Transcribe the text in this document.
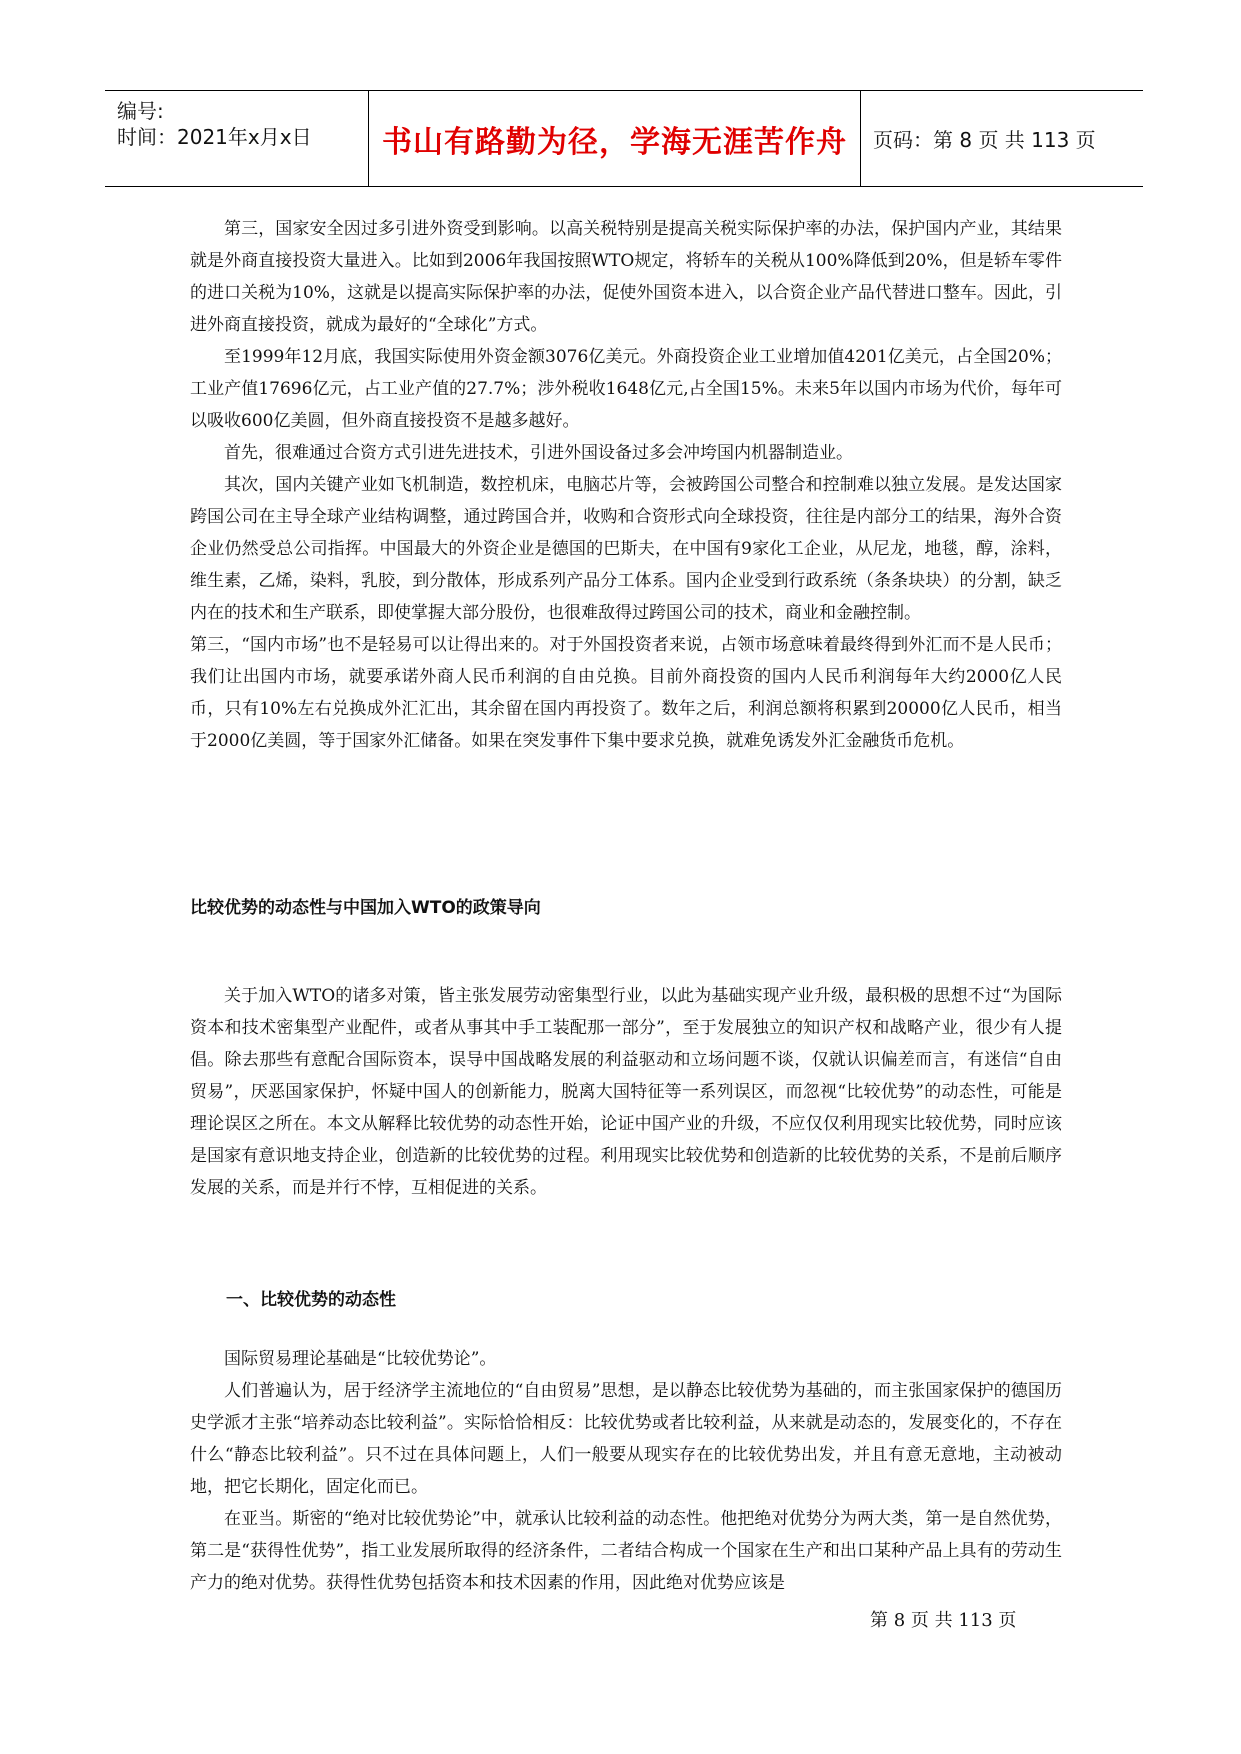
编号:
时间：2021年x月x日	书山有路勤为径，学海无涯苦作舟	页码：第 8 页 共 113 页

第三，国家安全因过多引进外资受到影响。以高关税特别是提高关税实际保护率的办法，保护国内产业，其结果就是外商直接投资大量进入。比如到2006年我国按照WTO规定，将轿车的关税从100%降低到20%，但是轿车零件的进口关税为10%，这就是以提高实际保护率的办法，促使外国资本进入，以合资企业产品代替进口整车。因此，引进外商直接投资，就成为最好的“全球化”方式。

至1999年12月底，我国实际使用外资金额3076亿美元。外商投资企业工业增加值4201亿美元，占全国20%；工业产值17696亿元，占工业产值的27.7%；涉外税收1648亿元,占全国15%。未来5年以国内市场为代价，每年可以吸收600亿美圆，但外商直接投资不是越多越好。

首先，很难通过合资方式引进先进技术，引进外国设备过多会冲垮国内机器制造业。

其次，国内关键产业如飞机制造，数控机床，电脑芯片等，会被跨国公司整合和控制难以独立发展。是发达国家跨国公司在主导全球产业结构调整，通过跨国合并，收购和合资形式向全球投资，往往是内部分工的结果，海外合资企业仍然受总公司指挥。中国最大的外资企业是德国的巴斯夫，在中国有9家化工企业，从尼龙，地毯，醇，涂料，维生素，乙烯，染料，乳胶，到分散体，形成系列产品分工体系。国内企业受到行政系统（条条块块）的分割，缺乏内在的技术和生产联系，即使掌握大部分股份，也很难敌得过跨国公司的技术，商业和金融控制。

第三，“国内市场”也不是轻易可以让得出来的。对于外国投资者来说，占领市场意味着最终得到外汇而不是人民币；我们让出国内市场，就要承诺外商人民币利润的自由兑换。目前外商投资的国内人民币利润每年大约2000亿人民币，只有10%左右兑换成外汇汇出，其余留在国内再投资了。数年之后，利润总额将积累到20000亿人民币，相当于2000亿美圆，等于国家外汇储备。如果在突发事件下集中要求兑换，就难免诱发外汇金融货币危机。

比较优势的动态性与中国加入WTO的政策导向

关于加入WTO的诸多对策，皆主张发展劳动密集型行业，以此为基础实现产业升级，最积极的思想不过“为国际资本和技术密集型产业配件，或者从事其中手工装配那一部分”，至于发展独立的知识产权和战略产业，很少有人提倡。除去那些有意配合国际资本，误导中国战略发展的利益驱动和立场问题不谈，仅就认识偏差而言，有迷信“自由贸易”，厌恶国家保护，怀疑中国人的创新能力，脱离大国特征等一系列误区，而忽视“比较优势”的动态性，可能是理论误区之所在。本文从解释比较优势的动态性开始，论证中国产业的升级，不应仅仅利用现实比较优势，同时应该是国家有意识地支持企业，创造新的比较优势的过程。利用现实比较优势和创造新的比较优势的关系，不是前后顺序发展的关系，而是并行不悖，互相促进的关系。

一、比较优势的动态性

国际贸易理论基础是“比较优势论”。

人们普遍认为，居于经济学主流地位的“自由贸易”思想，是以静态比较优势为基础的，而主张国家保护的德国历史学派才主张“培养动态比较利益”。实际恰恰相反：比较优势或者比较利益，从来就是动态的，发展变化的，不存在什么“静态比较利益”。只不过在具体问题上，人们一般要从现实存在的比较优势出发，并且有意无意地，主动被动地，把它长期化，固定化而已。

在亚当。斯密的“绝对比较优势论”中，就承认比较利益的动态性。他把绝对优势分为两大类，第一是自然优势，第二是“获得性优势”，指工业发展所取得的经济条件，二者结合构成一个国家在生产和出口某种产品上具有的劳动生产力的绝对优势。获得性优势包括资本和技术因素的作用，因此绝对优势应该是

第 8 页 共 113 页
